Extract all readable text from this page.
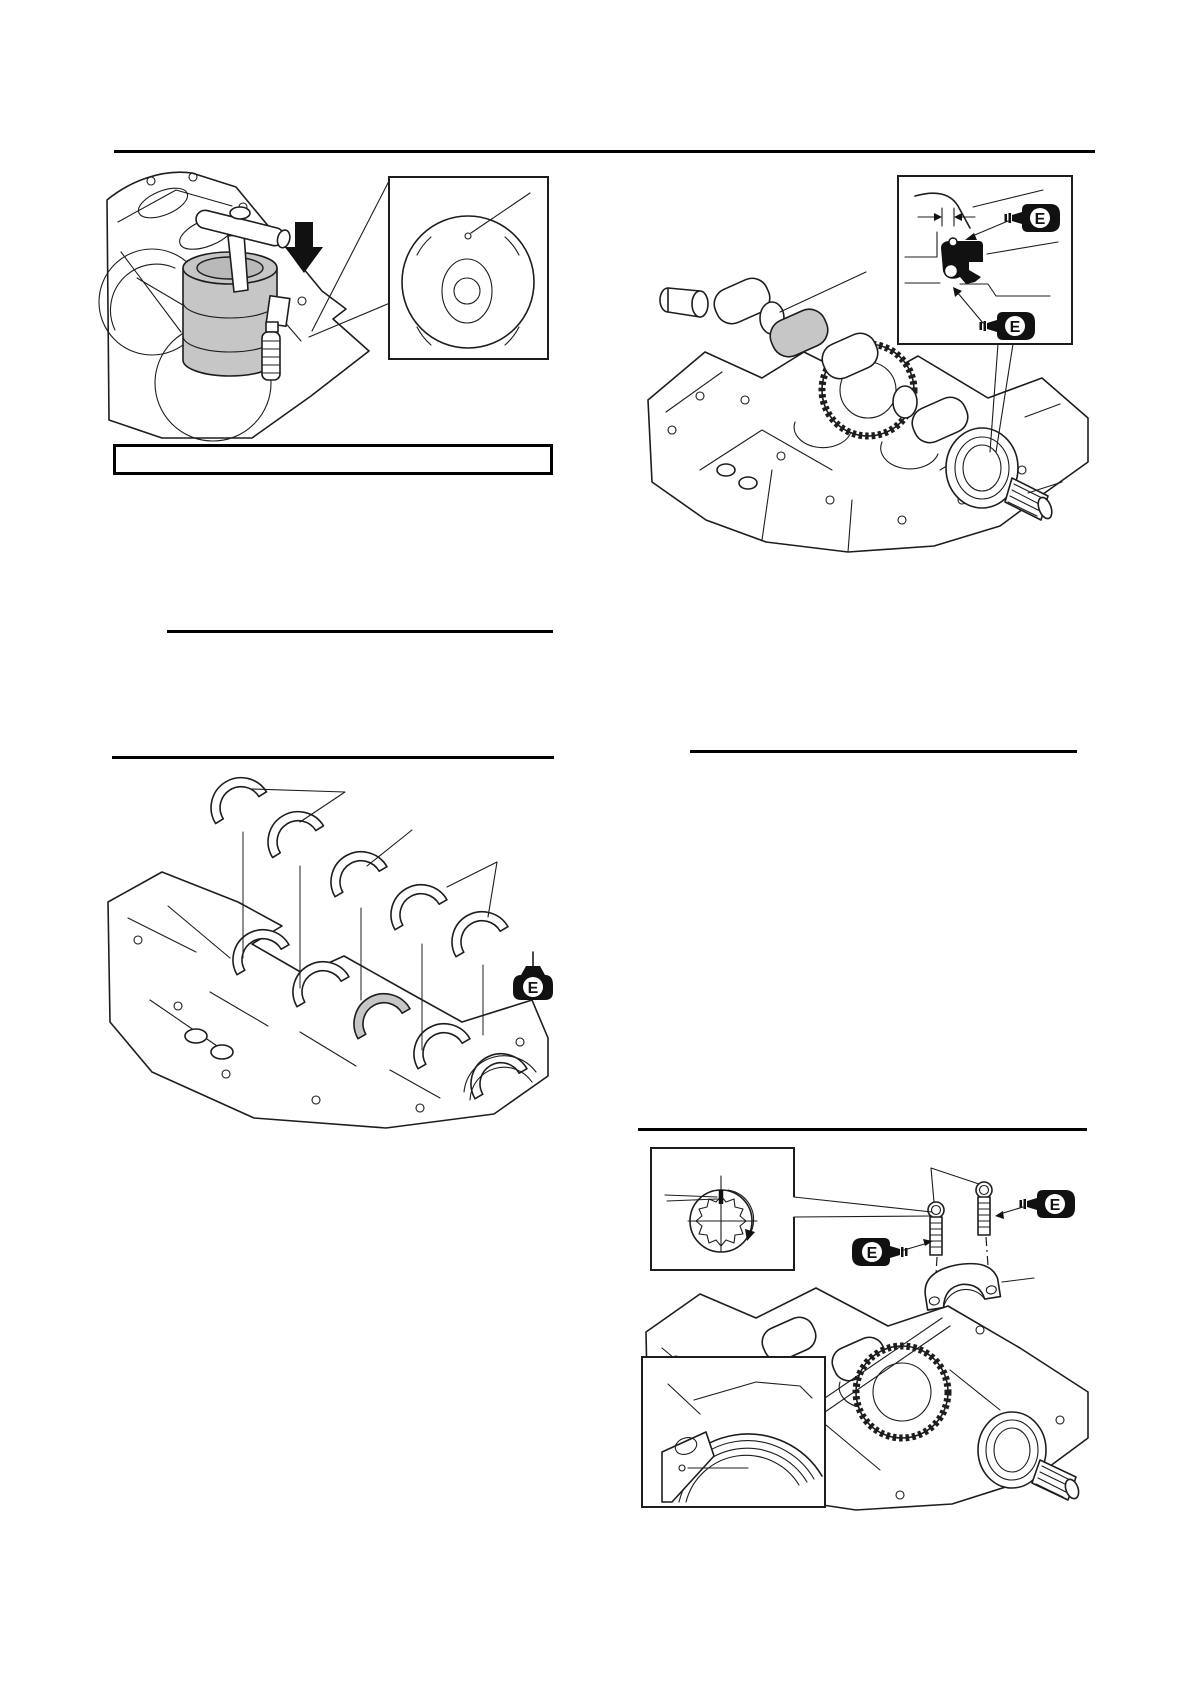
E
E
E
E
E
